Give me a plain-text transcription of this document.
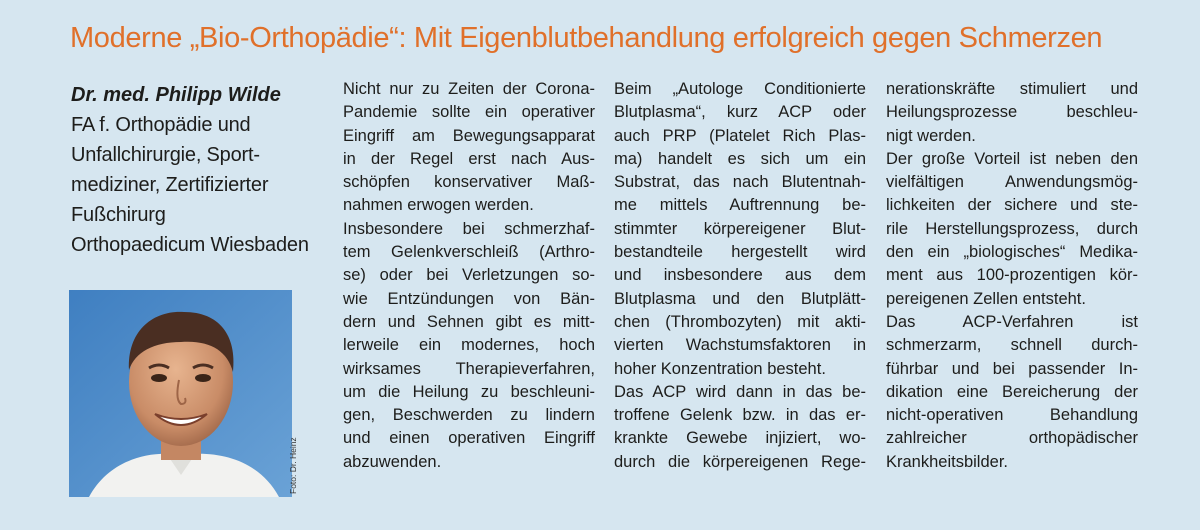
Moderne „Bio-Orthopädie“: Mit Eigenblutbehandlung erfolgreich gegen Schmerzen
Dr. med. Philipp Wilde
FA f. Orthopädie und
Unfallchirurgie, Sport-
mediziner, Zertifizierter
Fußchirurg
Orthopaedicum Wiesbaden
Foto: Dr. Heinz
Nicht nur zu Zeiten der Corona-
Pandemie sollte ein operativer
Eingriff am Bewegungsapparat
in der Regel erst nach Aus-
schöpfen konservativer Maß-
nahmen erwogen werden.
Insbesondere bei schmerzhaf-
tem Gelenkverschleiß (Arthro-
se) oder bei Verletzungen so-
wie Entzündungen von Bän-
dern und Sehnen gibt es mitt-
lerweile ein modernes, hoch
wirksames Therapieverfahren,
um die Heilung zu beschleuni-
gen, Beschwerden zu lindern
und einen operativen Eingriff
abzuwenden.
Beim „Autologe Conditionierte
Blutplasma“, kurz ACP oder
auch PRP (Platelet Rich Plas-
ma) handelt es sich um ein
Substrat, das nach Blutentnah-
me mittels Auftrennung be-
stimmter körpereigener Blut-
bestandteile hergestellt wird
und insbesondere aus dem
Blutplasma und den Blutplätt-
chen (Thrombozyten) mit akti-
vierten Wachstumsfaktoren in
hoher Konzentration besteht.
Das ACP wird dann in das be-
troffene Gelenk bzw. in das er-
krankte Gewebe injiziert, wo-
durch die körpereigenen Rege-
nerationskräfte stimuliert und
Heilungsprozesse beschleu-
nigt werden.
Der große Vorteil ist neben den
vielfältigen Anwendungsmög-
lichkeiten der sichere und ste-
rile Herstellungsprozess, durch
den ein „biologisches“ Medika-
ment aus 100-prozentigen kör-
pereigenen Zellen entsteht.
Das ACP-Verfahren ist
schmerzarm, schnell durch-
führbar und bei passender In-
dikation eine Bereicherung der
nicht-operativen Behandlung
zahlreicher orthopädischer
Krankheitsbilder.
